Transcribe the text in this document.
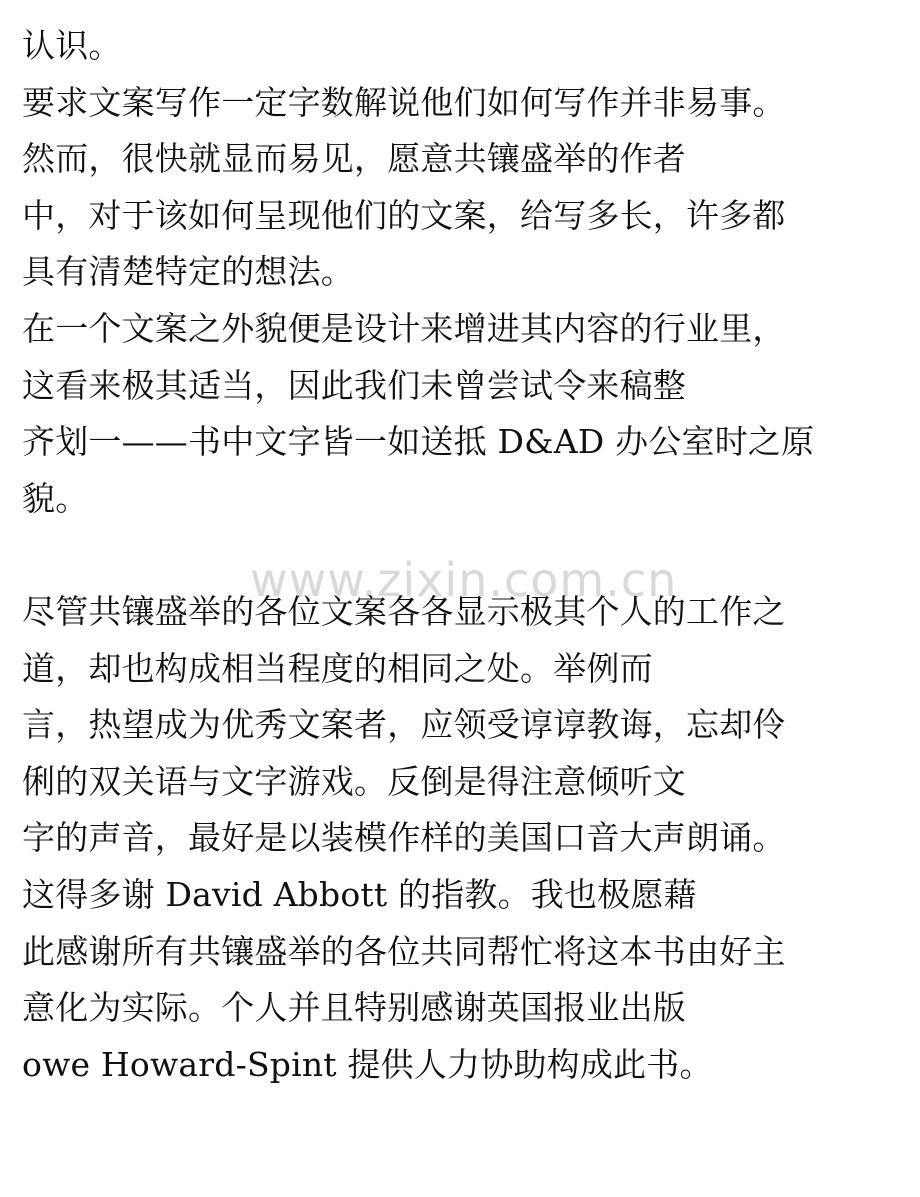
www.zixin.com.cn
认识。
要求文案写作一定字数解说他们如何写作并非易事。
然而，很快就显而易见，愿意共镶盛举的作者
中，对于该如何呈现他们的文案，给写多长，许多都
具有清楚特定的想法。
在一个文案之外貌便是设计来增进其内容的行业里，
这看来极其适当，因此我们未曾尝试令来稿整
齐划一——书中文字皆一如送抵 D&AD 办公室时之原
貌。
尽管共镶盛举的各位文案各各显示极其个人的工作之
道，却也构成相当程度的相同之处。举例而
言，热望成为优秀文案者，应领受谆谆教诲，忘却伶
俐的双关语与文字游戏。反倒是得注意倾听文
字的声音，最好是以装模作样的美国口音大声朗诵。
这得多谢 David Abbott 的指教。我也极愿藉
此感谢所有共镶盛举的各位共同帮忙将这本书由好主
意化为实际。个人并且特别感谢英国报业出版
owe Howard-Spint 提供人力协助构成此书。
